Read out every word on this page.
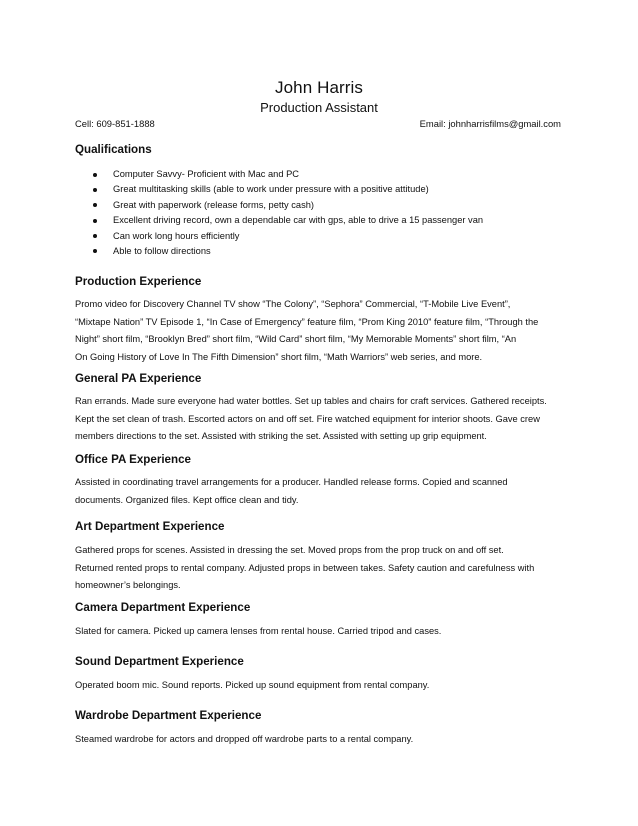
John Harris
Production Assistant
Cell: 609-851-1888	Email: johnharrisfilms@gmail.com
Qualifications
Computer Savvy- Proficient with Mac and PC
Great multitasking skills (able to work under pressure with a positive attitude)
Great with paperwork (release forms, petty cash)
Excellent driving record, own a dependable car with gps, able to drive a 15 passenger van
Can work long hours efficiently
Able to follow directions
Production Experience
Promo video for Discovery Channel TV show “The Colony”, “Sephora” Commercial, “T-Mobile Live Event”,
“Mixtape Nation” TV Episode 1, “In Case of Emergency” feature film, “Prom King 2010” feature film, “Through the
Night” short film, “Brooklyn Bred” short film, “Wild Card” short film, “My Memorable Moments” short film, “An
On Going History of Love In The Fifth Dimension” short film, “Math Warriors” web series, and more.
General PA Experience
Ran errands. Made sure everyone had water bottles. Set up tables and chairs for craft services. Gathered receipts.
Kept the set clean of trash. Escorted actors on and off set. Fire watched equipment for interior shoots. Gave crew
members directions to the set. Assisted with striking the set. Assisted with setting up grip equipment.
Office PA Experience
Assisted in coordinating travel arrangements for a producer. Handled release forms. Copied and scanned
documents. Organized files. Kept office clean and tidy.
Art Department Experience
Gathered props for scenes. Assisted in dressing the set. Moved props from the prop truck on and off set.
Returned rented props to rental company. Adjusted props in between takes. Safety caution and carefulness with
homeowner’s belongings.
Camera Department Experience
Slated for camera. Picked up camera lenses from rental house. Carried tripod and cases.
Sound Department Experience
Operated boom mic. Sound reports. Picked up sound equipment from rental company.
Wardrobe Department Experience
Steamed wardrobe for actors and dropped off wardrobe parts to a rental company.
